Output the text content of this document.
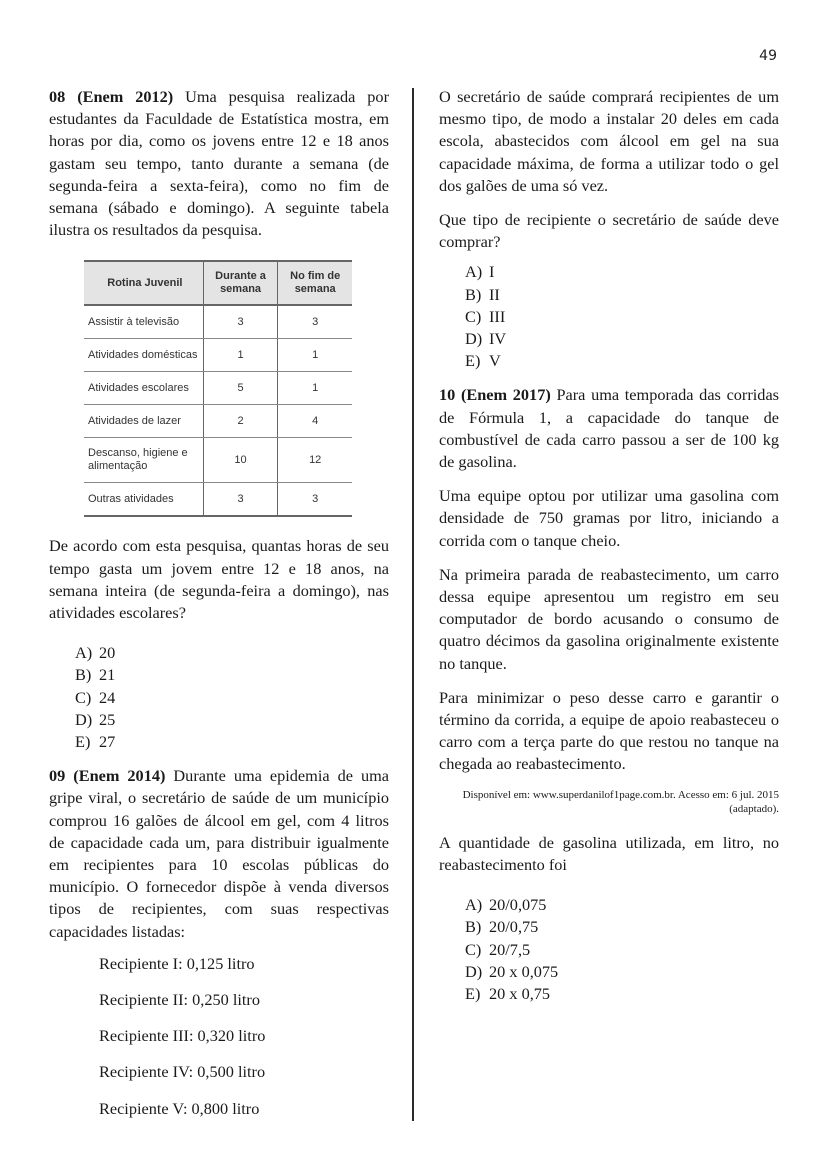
49

08 (Enem 2012) Uma pesquisa realizada por estudantes da Faculdade de Estatística mostra, em horas por dia, como os jovens entre 12 e 18 anos gastam seu tempo, tanto durante a semana (de segunda-feira a sexta-feira), como no fim de semana (sábado e domingo). A seguinte tabela ilustra os resultados da pesquisa.

Rotina Juvenil	Durante a semana	No fim de semana
Assistir à televisão	3	3
Atividades domésticas	1	1
Atividades escolares	5	1
Atividades de lazer	2	4
Descanso, higiene e alimentação	10	12
Outras atividades	3	3

De acordo com esta pesquisa, quantas horas de seu tempo gasta um jovem entre 12 e 18 anos, na semana inteira (de segunda-feira a domingo), nas atividades escolares?

A) 20
B) 21
C) 24
D) 25
E) 27

09 (Enem 2014) Durante uma epidemia de uma gripe viral, o secretário de saúde de um município comprou 16 galões de álcool em gel, com 4 litros de capacidade cada um, para distribuir igualmente em recipientes para 10 escolas públicas do município. O fornecedor dispõe à venda diversos tipos de recipientes, com suas respectivas capacidades listadas:

Recipiente I: 0,125 litro
Recipiente II: 0,250 litro
Recipiente III: 0,320 litro
Recipiente IV: 0,500 litro
Recipiente V: 0,800 litro

O secretário de saúde comprará recipientes de um mesmo tipo, de modo a instalar 20 deles em cada escola, abastecidos com álcool em gel na sua capacidade máxima, de forma a utilizar todo o gel dos galões de uma só vez.

Que tipo de recipiente o secretário de saúde deve comprar?

A) I
B) II
C) III
D) IV
E) V

10 (Enem 2017) Para uma temporada das corridas de Fórmula 1, a capacidade do tanque de combustível de cada carro passou a ser de 100 kg de gasolina.

Uma equipe optou por utilizar uma gasolina com densidade de 750 gramas por litro, iniciando a corrida com o tanque cheio.

Na primeira parada de reabastecimento, um carro dessa equipe apresentou um registro em seu computador de bordo acusando o consumo de quatro décimos da gasolina originalmente existente no tanque.

Para minimizar o peso desse carro e garantir o término da corrida, a equipe de apoio reabasteceu o carro com a terça parte do que restou no tanque na chegada ao reabastecimento.

Disponível em: www.superdanilof1page.com.br. Acesso em: 6 jul. 2015
(adaptado).

A quantidade de gasolina utilizada, em litro, no reabastecimento foi

A) 20/0,075
B) 20/0,75
C) 20/7,5
D) 20 x 0,075
E) 20 x 0,75
